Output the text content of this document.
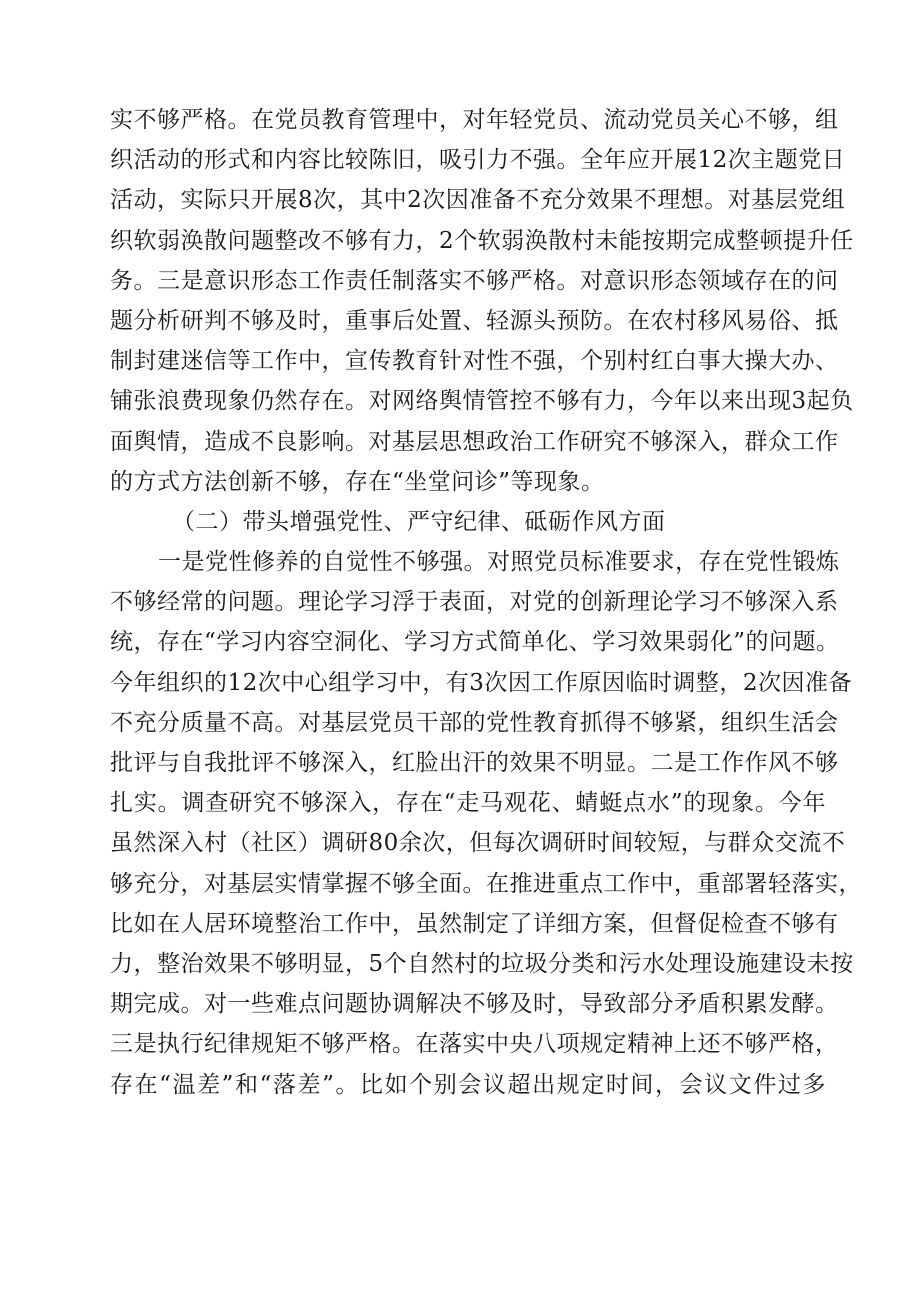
实不够严格。在党员教育管理中，对年轻党员、流动党员关心不够，组
织活动的形式和内容比较陈旧，吸引力不强。全年应开展12次主题党日
活动，实际只开展8次，其中2次因准备不充分效果不理想。对基层党组
织软弱涣散问题整改不够有力，2个软弱涣散村未能按期完成整顿提升任
务。三是意识形态工作责任制落实不够严格。对意识形态领域存在的问
题分析研判不够及时，重事后处置、轻源头预防。在农村移风易俗、抵
制封建迷信等工作中，宣传教育针对性不强，个别村红白事大操大办、
铺张浪费现象仍然存在。对网络舆情管控不够有力，今年以来出现3起负
面舆情，造成不良影响。对基层思想政治工作研究不够深入，群众工作
的方式方法创新不够，存在“坐堂问诊”等现象。
（二）带头增强党性、严守纪律、砥砺作风方面
一是党性修养的自觉性不够强。对照党员标准要求，存在党性锻炼
不够经常的问题。理论学习浮于表面，对党的创新理论学习不够深入系
统，存在“学习内容空洞化、学习方式简单化、学习效果弱化”的问题。
今年组织的12次中心组学习中，有3次因工作原因临时调整，2次因准备
不充分质量不高。对基层党员干部的党性教育抓得不够紧，组织生活会
批评与自我批评不够深入，红脸出汗的效果不明显。二是工作作风不够
扎实。调查研究不够深入，存在“走马观花、蜻蜓点水”的现象。今年
虽然深入村（社区）调研80余次，但每次调研时间较短，与群众交流不
够充分，对基层实情掌握不够全面。在推进重点工作中，重部署轻落实，
比如在人居环境整治工作中，虽然制定了详细方案，但督促检查不够有
力，整治效果不够明显，5个自然村的垃圾分类和污水处理设施建设未按
期完成。对一些难点问题协调解决不够及时，导致部分矛盾积累发酵。
三是执行纪律规矩不够严格。在落实中央八项规定精神上还不够严格，
存在“温差”和“落差”。比如个别会议超出规定时间，会议文件过多
